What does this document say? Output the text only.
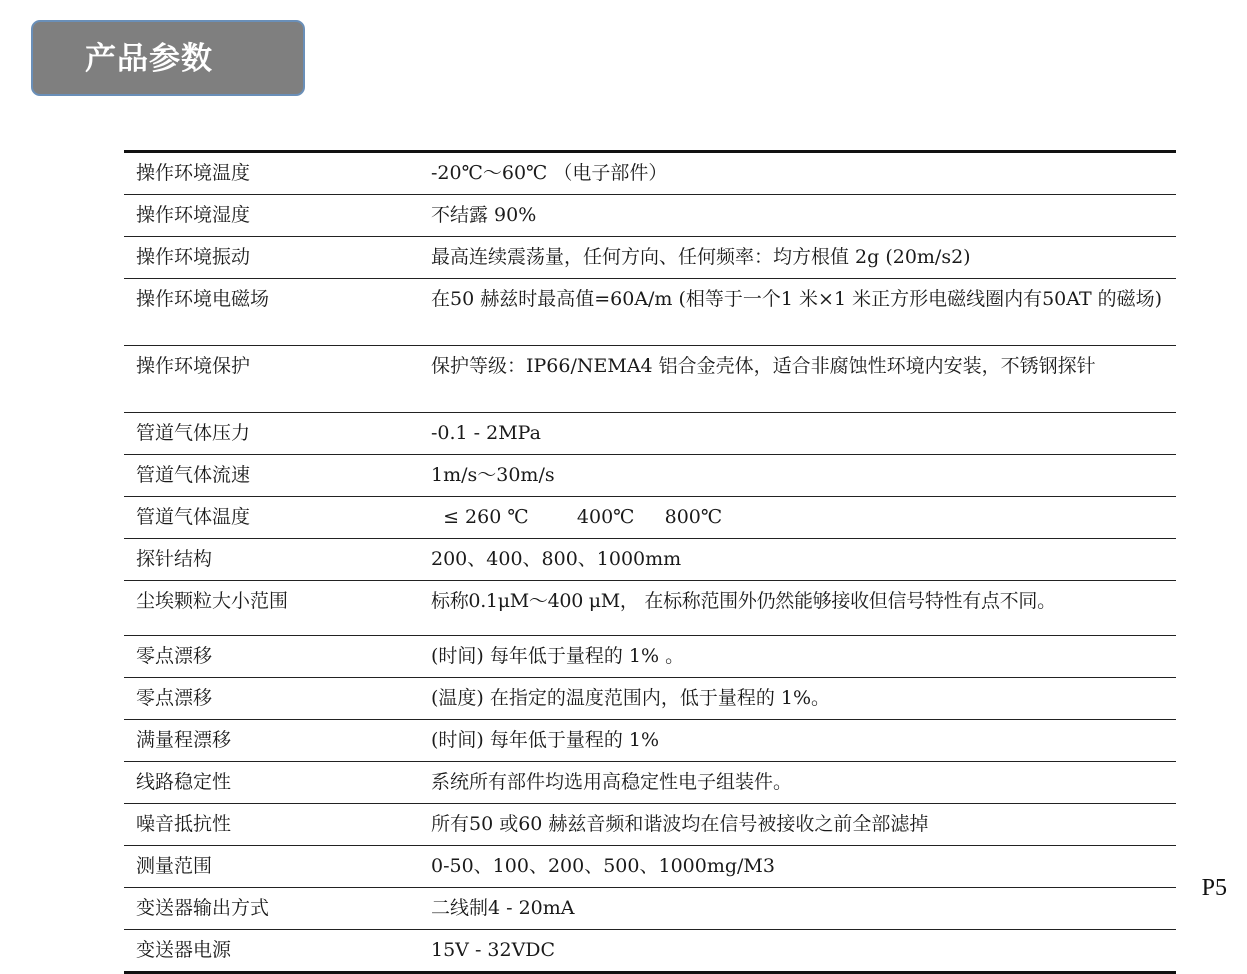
产品参数
操作环境温度	-20℃～60℃ （电子部件）
操作环境湿度	不结露 90%
操作环境振动	最高连续震荡量，任何方向、任何频率：均方根值 2g (20m/s2)
操作环境电磁场	在50 赫兹时最高值=60A/m (相等于一个1 米×1 米正方形电磁线圈内有50AT 的磁场)
操作环境保护	保护等级：IP66/NEMA4 铝合金壳体，适合非腐蚀性环境内安装，不锈钢探针
管道气体压力	-0.1 - 2MPa
管道气体流速	1m/s～30m/s
管道气体温度	≤ 260 ℃        400℃     800℃
探针结构	200、400、800、1000mm
尘埃颗粒大小范围	标称0.1μM～400 μM， 在标称范围外仍然能够接收但信号特性有点不同。
零点漂移	(时间) 每年低于量程的 1% 。
零点漂移	(温度) 在指定的温度范围内，低于量程的 1%。
满量程漂移	(时间) 每年低于量程的 1%
线路稳定性	系统所有部件均选用高稳定性电子组装件。
噪音抵抗性	所有50 或60 赫兹音频和谐波均在信号被接收之前全部滤掉
测量范围	0-50、100、200、500、1000mg/M3
变送器输出方式	二线制4 - 20mA
变送器电源	15V - 32VDC
P5
